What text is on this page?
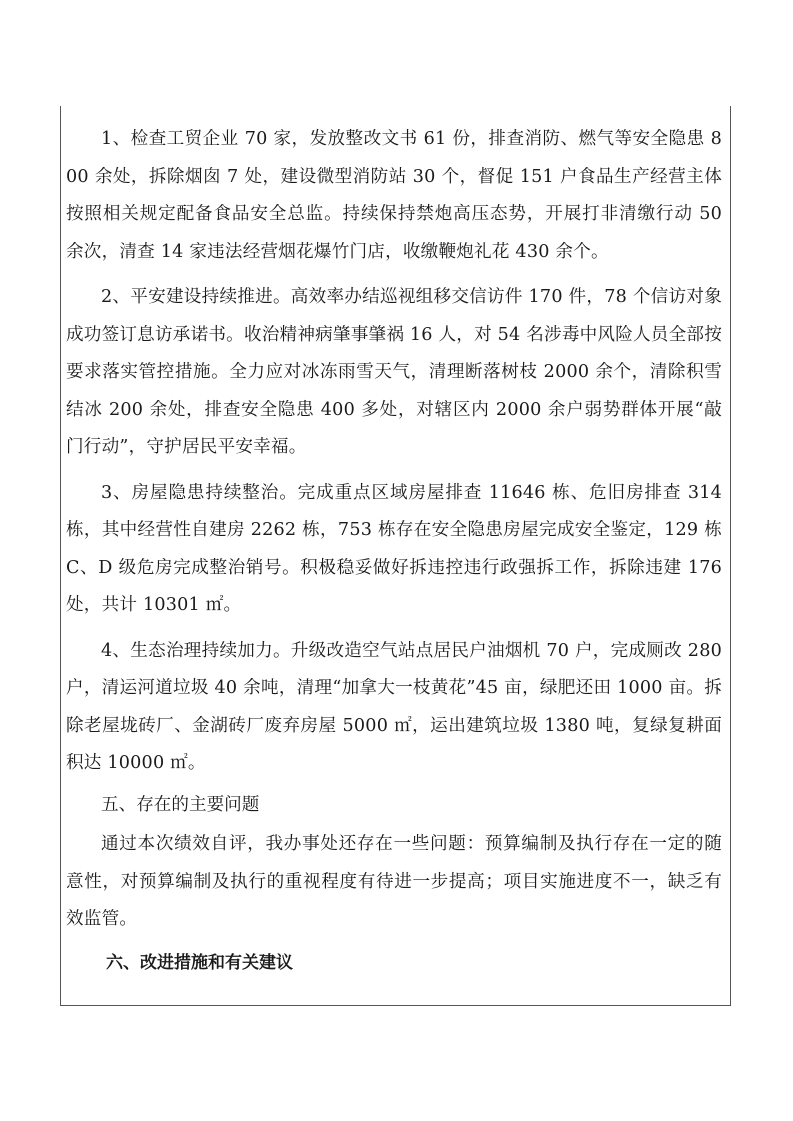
1、检查工贸企业 70 家，发放整改文书 61 份，排查消防、燃气等安全隐患 800 余处，拆除烟囱 7 处，建设微型消防站 30 个，督促 151 户食品生产经营主体按照相关规定配备食品安全总监。持续保持禁炮高压态势，开展打非清缴行动 50 余次，清查 14 家违法经营烟花爆竹门店，收缴鞭炮礼花 430 余个。

2、平安建设持续推进。高效率办结巡视组移交信访件 170 件，78 个信访对象成功签订息访承诺书。收治精神病肇事肇祸 16 人，对 54 名涉毒中风险人员全部按要求落实管控措施。全力应对冰冻雨雪天气，清理断落树枝 2000 余个，清除积雪结冰 200 余处，排查安全隐患 400 多处，对辖区内 2000 余户弱势群体开展“敲门行动”，守护居民平安幸福。

3、房屋隐患持续整治。完成重点区域房屋排查 11646 栋、危旧房排查 314 栋，其中经营性自建房 2262 栋，753 栋存在安全隐患房屋完成安全鉴定，129 栋 C、D 级危房完成整治销号。积极稳妥做好拆违控违行政强拆工作，拆除违建 176 处，共计 10301 ㎡。

4、生态治理持续加力。升级改造空气站点居民户油烟机 70 户，完成厕改 280 户，清运河道垃圾 40 余吨，清理“加拿大一枝黄花”45 亩，绿肥还田 1000 亩。拆除老屋垅砖厂、金湖砖厂废弃房屋 5000 ㎡，运出建筑垃圾 1380 吨，复绿复耕面积达 10000 ㎡。

五、存在的主要问题

通过本次绩效自评，我办事处还存在一些问题：预算编制及执行存在一定的随意性，对预算编制及执行的重视程度有待进一步提高；项目实施进度不一，缺乏有效监管。

六、改进措施和有关建议
